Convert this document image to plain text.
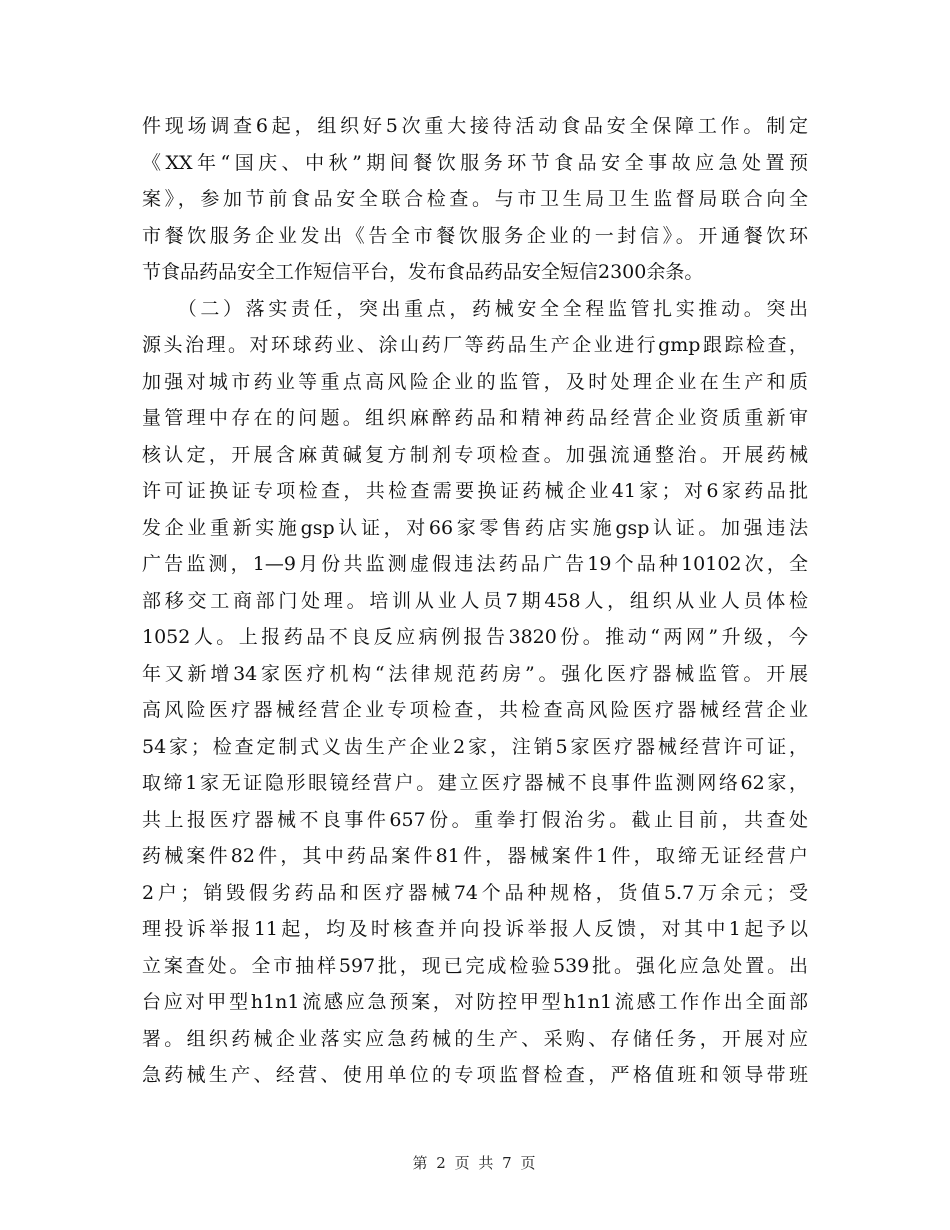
件现场调查6起，组织好5次重大接待活动食品安全保障工作。制定
《XX年“国庆、中秋”期间餐饮服务环节食品安全事故应急处置预
案》，参加节前食品安全联合检查。与市卫生局卫生监督局联合向全
市餐饮服务企业发出《告全市餐饮服务企业的一封信》。开通餐饮环
节食品药品安全工作短信平台，发布食品药品安全短信2300余条。
　　（二）落实责任，突出重点，药械安全全程监管扎实推动。突出
源头治理。对环球药业、涂山药厂等药品生产企业进行gmp跟踪检查，
加强对城市药业等重点高风险企业的监管，及时处理企业在生产和质
量管理中存在的问题。组织麻醉药品和精神药品经营企业资质重新审
核认定，开展含麻黄碱复方制剂专项检查。加强流通整治。开展药械
许可证换证专项检查，共检查需要换证药械企业41家；对6家药品批
发企业重新实施gsp认证，对66家零售药店实施gsp认证。加强违法
广告监测，1—9月份共监测虚假违法药品广告19个品种10102次，全
部移交工商部门处理。培训从业人员7期458人，组织从业人员体检
1052人。上报药品不良反应病例报告3820份。推动“两网”升级，今
年又新增34家医疗机构“法律规范药房”。强化医疗器械监管。开展
高风险医疗器械经营企业专项检查，共检查高风险医疗器械经营企业
54家；检查定制式义齿生产企业2家，注销5家医疗器械经营许可证，
取缔1家无证隐形眼镜经营户。建立医疗器械不良事件监测网络62家，
共上报医疗器械不良事件657份。重拳打假治劣。截止目前，共查处
药械案件82件，其中药品案件81件，器械案件1件，取缔无证经营户
2户；销毁假劣药品和医疗器械74个品种规格，货值5.7万余元；受
理投诉举报11起，均及时核查并向投诉举报人反馈，对其中1起予以
立案查处。全市抽样597批，现已完成检验539批。强化应急处置。出
台应对甲型h1n1流感应急预案，对防控甲型h1n1流感工作作出全面部
署。组织药械企业落实应急药械的生产、采购、存储任务，开展对应
急药械生产、经营、使用单位的专项监督检查，严格值班和领导带班
第 2 页 共 7 页
